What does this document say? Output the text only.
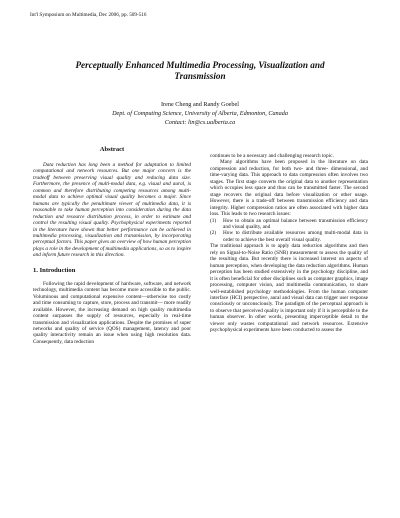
Int'l Symposium on Multimedia, Dec 2006, pp. 509-516
Perceptually Enhanced Multimedia Processing, Visualization and
Transmission
Irene Cheng and Randy Goebel
Dept. of Computing Science, University of Alberta, Edmonton, Canada
Contact: lin@cs.ualberta.ca
Abstract

Data reduction has long been a method for adaptation to limited computational and network resources. But one major concern is the tradeoff between preserving visual quality and reducing data size. Furthermore, the presence of multi-modal data, e.g. visual and aural, is common and therefore distributing competing resources among multi-modal data to achieve optimal visual quality becomes a major. Since humans are typically the penultimate viewer of multimedia data, it is reasonable to take human perception into consideration during the data reduction and resource distribution process, in order to estimate and control the resulting visual quality. Psychophysical experiments reported in the literature have shown that better performance can be achieved in multimedia processing, visualization and transmission, by incorporating perceptual factors. This paper gives an overview of how human perception plays a role in the development of multimedia applications, so as to inspire and inform future research in this direction.

1. Introduction

Following the rapid development of hardware, software, and network technology, multimedia content has become more accessible to the public. Voluminous and computational expensive content—otherwise too costly and time consuming to capture, store, process and transmit— more readily available. However, the increasing demand on high quality multimedia content surpasses the supply of resources, especially in real-time transmission and visualization applications. Despite the promises of super networks and quality of service (QOS) management, latency and poor quality interactivity remain an issue when using high resolution data. Consequently, data reduction

continues to be a necessary and challenging research topic.

Many algorithms have been proposed in the literature on data compression and reduction, for both two- and three- dimensional, and time-varying data. This approach to data compression often involves two stages. The first stage converts the original data to another representation which occupies less space and thus can be transmitted faster. The second stage recovers the original data before visualization or other usage. However, there is a trade-off between transmission efficiency and data integrity. Higher compression ratios are often associated with higher data loss. This leads to two research issues:

(1) How to obtain an optimal balance between transmission efficiency and visual quality, and
(2) How to distribute available resources among multi-modal data in order to achieve the best overall visual quality.

The traditional approach is to apply data reduction algorithms and then rely on Signal-to-Noise Ratio (SNR) measurement to assess the quality of the resulting data. But recently there is increased interest on aspects of human perception, when developing the data reduction algorithms. Human perception has been studied extensively in the psychology discipline, and it is often beneficial for other disciplines such as computer graphics, image processing, computer vision, and multimedia communication, to share well-established psychology methodologies. From the human computer interface (HCI) perspective, aural and visual data can trigger user response consciously or unconsciously. The paradigm of the perceptual approach is to observe that perceived quality is important only if it is perceptible to the human observer. In other words, presenting imperceptible detail to the viewer only wastes computational and network resources. Extensive psychophysical experiments have been conducted to assess the
